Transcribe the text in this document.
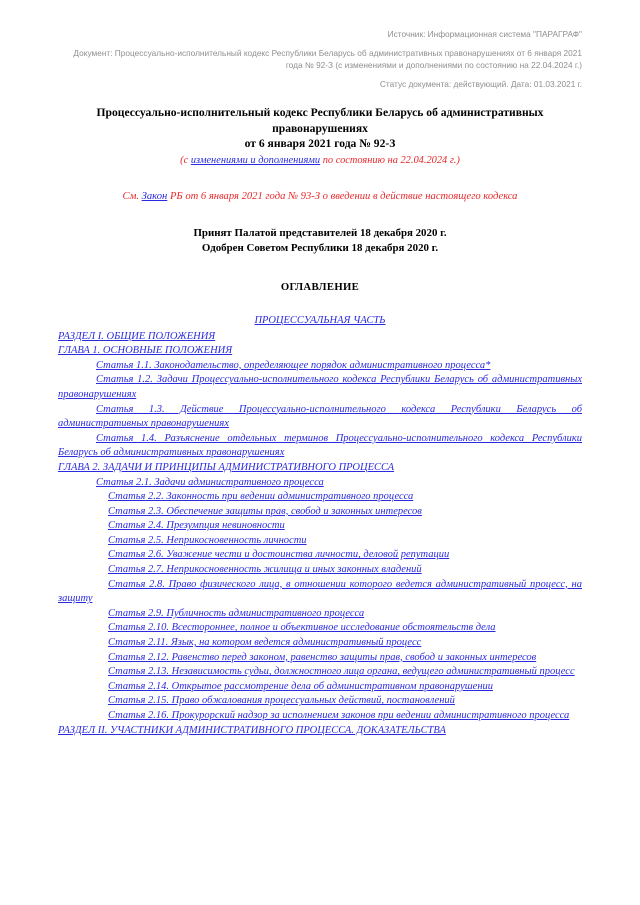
Источник: Информационная система "ПАРАГРАФ"

Документ: Процессуально-исполнительный кодекс Республики Беларусь об административных правонарушениях от 6 января 2021 года № 92-З (с изменениями и дополнениями по состоянию на 22.04.2024 г.)

Статус документа: действующий. Дата: 01.03.2021 г.

Процессуально-исполнительный кодекс Республики Беларусь об административных
правонарушениях
от 6 января 2021 года № 92-З
(с изменениями и дополнениями по состоянию на 22.04.2024 г.)
См. Закон РБ от 6 января 2021 года № 93-З о введении в действие настоящего кодекса

Принят Палатой представителей 18 декабря 2020 г.

Одобрен Советом Республики 18 декабря 2020 г.

ОГЛАВЛЕНИЕ
ПРОЦЕССУАЛЬНАЯ ЧАСТЬ

РАЗДЕЛ I. ОБЩИЕ ПОЛОЖЕНИЯ

ГЛАВА 1. ОСНОВНЫЕ ПОЛОЖЕНИЯ

Статья 1.1. Законодательство, определяющее порядок административного процесса*

Статья 1.2. Задачи Процессуально-исполнительного кодекса Республики Беларусь об административных правонарушениях

Статья 1.3. Действие Процессуально-исполнительного кодекса Республики Беларусь об административных правонарушениях

Статья 1.4. Разъяснение отдельных терминов Процессуально-исполнительного кодекса Республики Беларусь об административных правонарушениях

ГЛАВА 2. ЗАДАЧИ И ПРИНЦИПЫ АДМИНИСТРАТИВНОГО ПРОЦЕССА

Статья 2.1. Задачи административного процесса

Статья 2.2. Законность при ведении административного процесса

Статья 2.3. Обеспечение защиты прав, свобод и законных интересов

Статья 2.4. Презумпция невиновности

Статья 2.5. Неприкосновенность личности

Статья 2.6. Уважение чести и достоинства личности, деловой репутации

Статья 2.7. Неприкосновенность жилища и иных законных владений

Статья 2.8. Право физического лица, в отношении которого ведется административный процесс, на защиту

Статья 2.9. Публичность административного процесса

Статья 2.10. Всестороннее, полное и объективное исследование обстоятельств дела

Статья 2.11. Язык, на котором ведется административный процесс

Статья 2.12. Равенство перед законом, равенство защиты прав, свобод и законных интересов

Статья 2.13. Независимость судьи, должностного лица органа, ведущего административный процесс

Статья 2.14. Открытое рассмотрение дела об административном правонарушении

Статья 2.15. Право обжалования процессуальных действий, постановлений

Статья 2.16. Прокурорский надзор за исполнением законов при ведении административного процесса

РАЗДЕЛ II. УЧАСТНИКИ АДМИНИСТРАТИВНОГО ПРОЦЕССА. ДОКАЗАТЕЛЬСТВА
